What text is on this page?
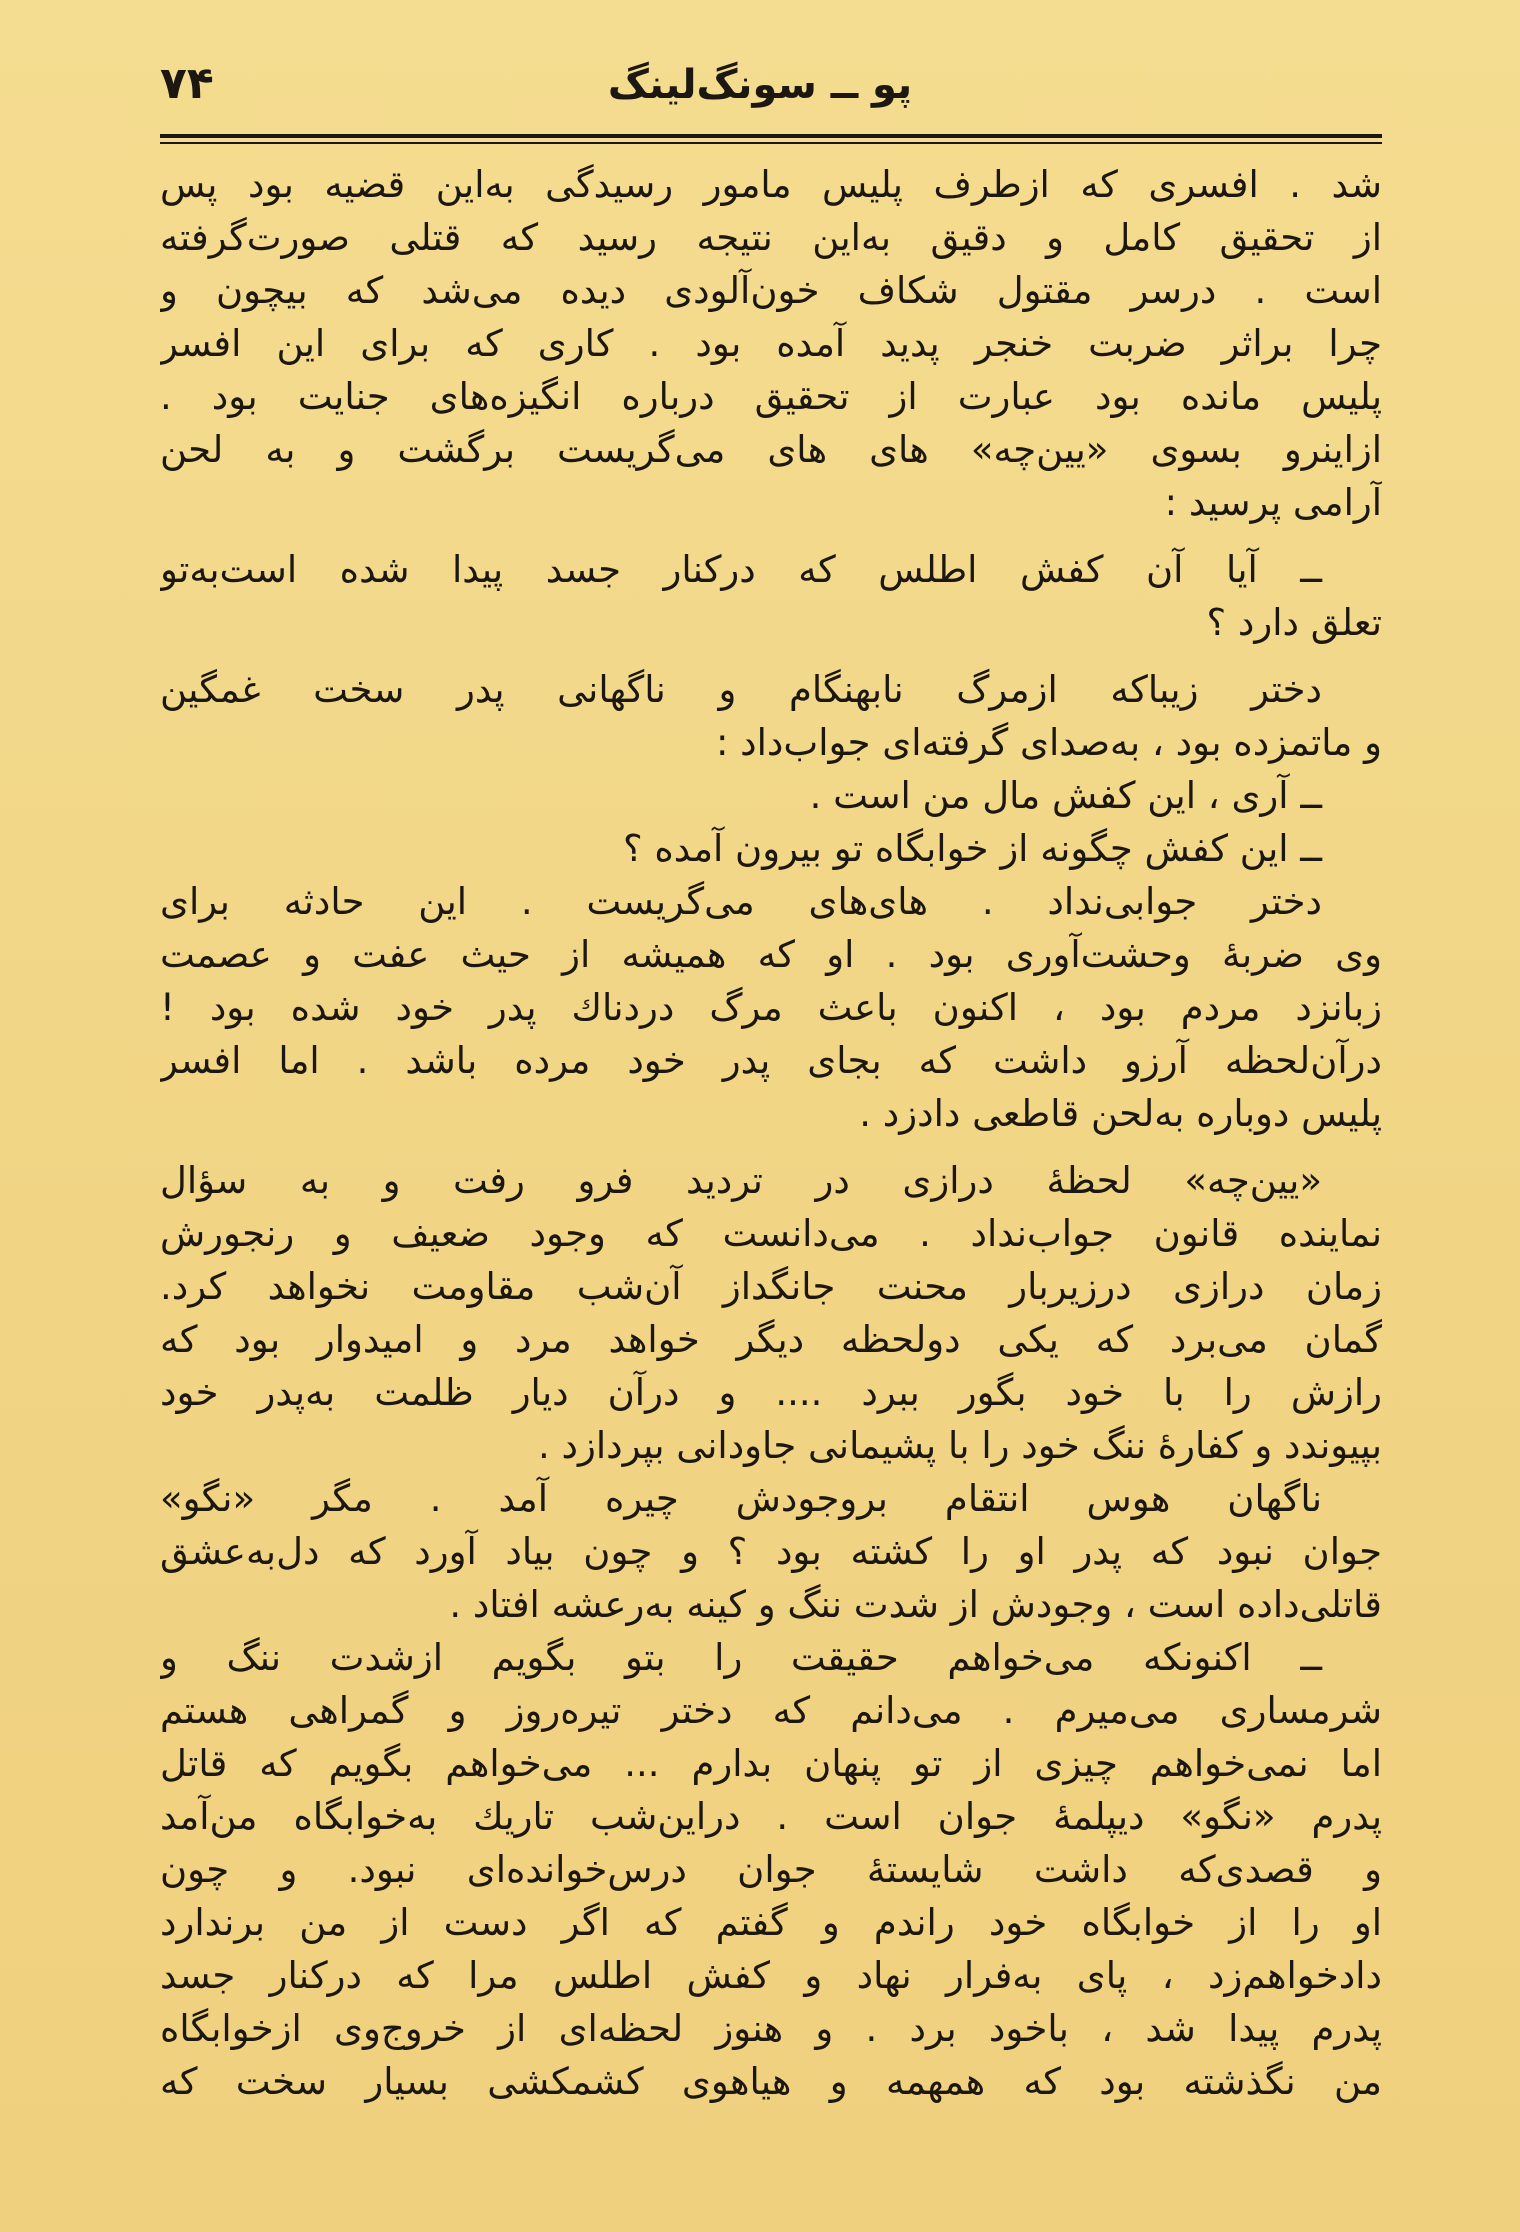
۷۴	پو ــ سونگ‌لینگ
شد . افسری که ازطرف پلیس مامور رسیدگی به‌این قضیه بود پس
از تحقیق کامل و دقیق به‌این نتیجه رسید که قتلی صورت‌گرفته
است . درسر مقتول شکاف خون‌آلودی دیده می‌شد که بیچون و
چرا براثر ضربت خنجر پدید آمده بود . کاری که برای این افسر
پلیس مانده بود عبارت از تحقیق درباره انگیزه‌های جنایت بود .
ازاینرو بسوی «یین‌چه» های های می‌گریست برگشت و به لحن
آرامی پرسید :
ــ آیا آن کفش اطلس که درکنار جسد پیدا شده است‌به‌تو
تعلق دارد ؟
دختر زیباکه ازمرگ نابهنگام و ناگهانی پدر سخت غمگین
و ماتمزده بود ، به‌صدای گرفته‌ای جواب‌داد :
ــ آری ، این کفش مال من است .
ــ این کفش چگونه از خوابگاه تو بیرون آمده ؟
دختر جوابی‌نداد . های‌های می‌گریست . این حادثه برای
وی ضربهٔ وحشت‌آوری بود . او که همیشه از حیث عفت و عصمت
زبانزد مردم بود ، اکنون باعث مرگ دردناك پدر خود شده بود !
درآن‌لحظه آرزو داشت که بجای پدر خود مرده باشد . اما افسر
پلیس دوباره به‌لحن قاطعی دادزد .
«یین‌چه» لحظهٔ درازی در تردید فرو رفت و به سؤال
نماینده قانون جواب‌نداد . می‌دانست که وجود ضعیف و رنجورش
زمان درازی درزیربار محنت جانگداز آن‌شب مقاومت نخواهد کرد.
گمان می‌برد که یکی دولحظه دیگر خواهد مرد و امیدوار بود که
رازش را با خود بگور ببرد .... و درآن دیار ظلمت به‌پدر خود
بپیوندد و کفارهٔ ننگ خود را با پشیمانی جاودانی بپردازد .
ناگهان هوس انتقام بروجودش چیره آمد . مگر «نگو»
جوان نبود که پدر او را کشته بود ؟ و چون بیاد آورد که دل‌به‌عشق
قاتلی‌داده است ، وجودش از شدت ننگ و کینه به‌رعشه افتاد .
ــ اکنونکه می‌خواهم حقیقت را بتو بگویم ازشدت ننگ و
شرمساری می‌میرم . می‌دانم که دختر تیره‌روز و گمراهی هستم
اما نمی‌خواهم چیزی از تو پنهان بدارم ... می‌خواهم بگویم که قاتل
پدرم «نگو» دیپلمهٔ جوان است . دراین‌شب تاریك به‌خوابگاه من‌آمد
و قصدی‌که داشت شایستهٔ جوان درس‌خوانده‌ای نبود. و چون
او را از خوابگاه خود راندم و گفتم که اگر دست از من برندارد
دادخواهم‌زد ، پای به‌فرار نهاد و کفش اطلس مرا که درکنار جسد
پدرم پیدا شد ، باخود برد . و هنوز لحظه‌ای از خروج‌وی ازخوابگاه
من نگذشته بود که همهمه و هیاهوی کشمکشی بسیار سخت که
